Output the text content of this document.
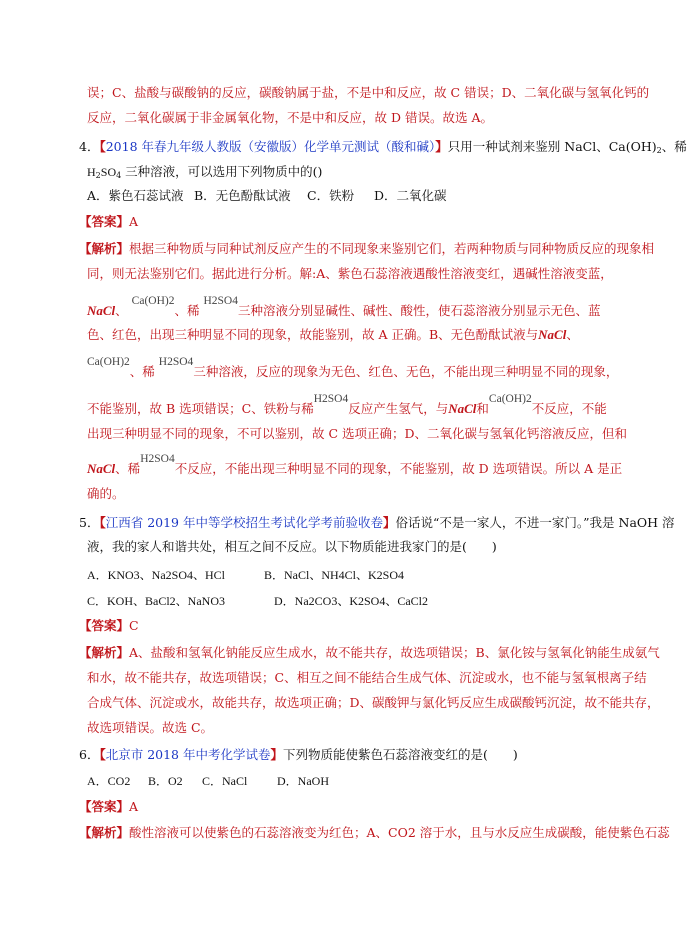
误；C、盐酸与碳酸钠的反应，碳酸钠属于盐，不是中和反应，故 C 错误；D、二氧化碳与氢氧化钙的
反应，二氧化碳属于非金属氧化物，不是中和反应，故 D 错误。故选 A。
4．【2018 年春九年级人教版（安徽版）化学单元测试（酸和碱）】只用一种试剂来鉴别 NaCl、$Ca(OH)_2$、稀
$H_2SO_4$ 三种溶液，可以选用下列物质中的()
A．紫色石蕊试液 B．无色酚酞试液 C．铁粉 D．二氧化碳
【答案】A
【解析】根据三种物质与同种试剂反应产生的不同现象来鉴别它们，若两种物质与同种物质反应的现象相
同，则无法鉴别它们。据此进行分析。解:A、紫色石蕊溶液遇酸性溶液变红，遇碱性溶液变蓝，
NaCl、 Ca(OH)2、稀 H2SO4三种溶液分别显碱性、碱性、酸性，使石蕊溶液分别显示无色、蓝
色、红色，出现三种明显不同的现象，故能鉴别，故 A 正确。B、无色酚酞试液与NaCl、
Ca(OH)2、稀 H2SO4三种溶液，反应的现象为无色、红色、无色，不能出现三种明显不同的现象，
不能鉴别，故 B 选项错误；C、铁粉与稀H2SO4反应产生氢气，与NaCl和Ca(OH)2不反应，不能
出现三种明显不同的现象，不可以鉴别，故 C 选项正确；D、二氧化碳与氢氧化钙溶液反应，但和
NaCl、稀H2SO4不反应，不能出现三种明显不同的现象，不能鉴别，故 D 选项错误。所以 A 是正
确的。
5．【江西省 2019 年中等学校招生考试化学考前验收卷】俗话说“不是一家人，不进一家门。”我是 NaOH 溶
液，我的家人和谐共处，相互之间不反应。以下物质能进我家门的是(　　)
A．KNO3、Na2SO4、HCl	B．NaCl、NH4Cl、K2SO4
C．KOH、BaCl2、NaNO3	D．Na2CO3、K2SO4、CaCl2
【答案】C
【解析】A、盐酸和氢氧化钠能反应生成水，故不能共存，故选项错误；B、氯化铵与氢氧化钠能生成氨气
和水，故不能共存，故选项错误；C、相互之间不能结合生成气体、沉淀或水，也不能与氢氧根离子结
合成气体、沉淀或水，故能共存，故选项正确；D、碳酸钾与氯化钙反应生成碳酸钙沉淀，故不能共存，
故选项错误。故选 C。
6．【北京市 2018 年中考化学试卷】下列物质能使紫色石蕊溶液变红的是(　　)
A．CO2 B．O2 C．NaCl D．NaOH
【答案】A
【解析】酸性溶液可以使紫色的石蕊溶液变为红色；A、CO2 溶于水，且与水反应生成碳酸，能使紫色石蕊
